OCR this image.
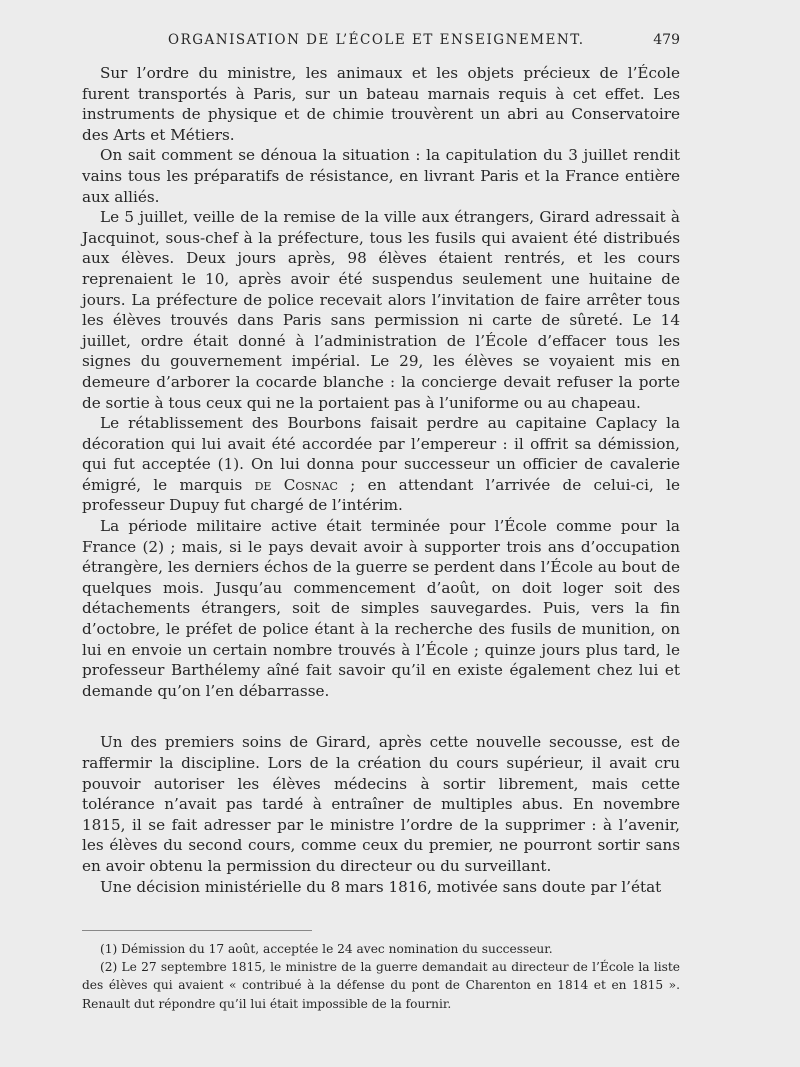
ORGANISATION DE L’ÉCOLE ET ENSEIGNEMENT.	479

Sur l’ordre du ministre, les animaux et les objets précieux de l’École furent transportés à Paris, sur un bateau marnais requis à cet effet. Les instruments de physique et de chimie trouvèrent un abri au Conservatoire des Arts et Métiers.

On sait comment se dénoua la situation : la capitulation du 3 juillet rendit vains tous les préparatifs de résistance, en livrant Paris et la France entière aux alliés.

Le 5 juillet, veille de la remise de la ville aux étrangers, Girard adressait à Jacquinot, sous-chef à la préfecture, tous les fusils qui avaient été distribués aux élèves. Deux jours après, 98 élèves étaient rentrés, et les cours reprenaient le 10, après avoir été suspendus seulement une huitaine de jours. La préfecture de police recevait alors l’invitation de faire arrêter tous les élèves trouvés dans Paris sans permission ni carte de sûreté. Le 14 juillet, ordre était donné à l’administration de l’École d’effacer tous les signes du gouvernement impérial. Le 29, les élèves se voyaient mis en demeure d’arborer la cocarde blanche : la concierge devait refuser la porte de sortie à tous ceux qui ne la portaient pas à l’uniforme ou au chapeau.

Le rétablissement des Bourbons faisait perdre au capitaine Caplacy la décoration qui lui avait été accordée par l’empereur : il offrit sa démission, qui fut acceptée (1). On lui donna pour successeur un officier de cavalerie émigré, le marquis de Cosnac ; en attendant l’arrivée de celui-ci, le professeur Dupuy fut chargé de l’intérim.

La période militaire active était terminée pour l’École comme pour la France (2) ; mais, si le pays devait avoir à supporter trois ans d’occupation étrangère, les derniers échos de la guerre se perdent dans l’École au bout de quelques mois. Jusqu’au commencement d’août, on doit loger soit des détachements étrangers, soit de simples sauvegardes. Puis, vers la fin d’octobre, le préfet de police étant à la recherche des fusils de munition, on lui en envoie un certain nombre trouvés à l’École ; quinze jours plus tard, le professeur Barthélemy aîné fait savoir qu’il en existe également chez lui et demande qu’on l’en débarrasse.

Un des premiers soins de Girard, après cette nouvelle secousse, est de raffermir la discipline. Lors de la création du cours supérieur, il avait cru pouvoir autoriser les élèves médecins à sortir librement, mais cette tolérance n’avait pas tardé à entraîner de multiples abus. En novembre 1815, il se fait adresser par le ministre l’ordre de la supprimer : à l’avenir, les élèves du second cours, comme ceux du premier, ne pourront sortir sans en avoir obtenu la permission du directeur ou du surveillant.

Une décision ministérielle du 8 mars 1816, motivée sans doute par l’état

(1) Démission du 17 août, acceptée le 24 avec nomination du successeur.

(2) Le 27 septembre 1815, le ministre de la guerre demandait au directeur de l’École la liste des élèves qui avaient « contribué à la défense du pont de Charenton en 1814 et en 1815 ». Renault dut répondre qu’il lui était impossible de la fournir.
